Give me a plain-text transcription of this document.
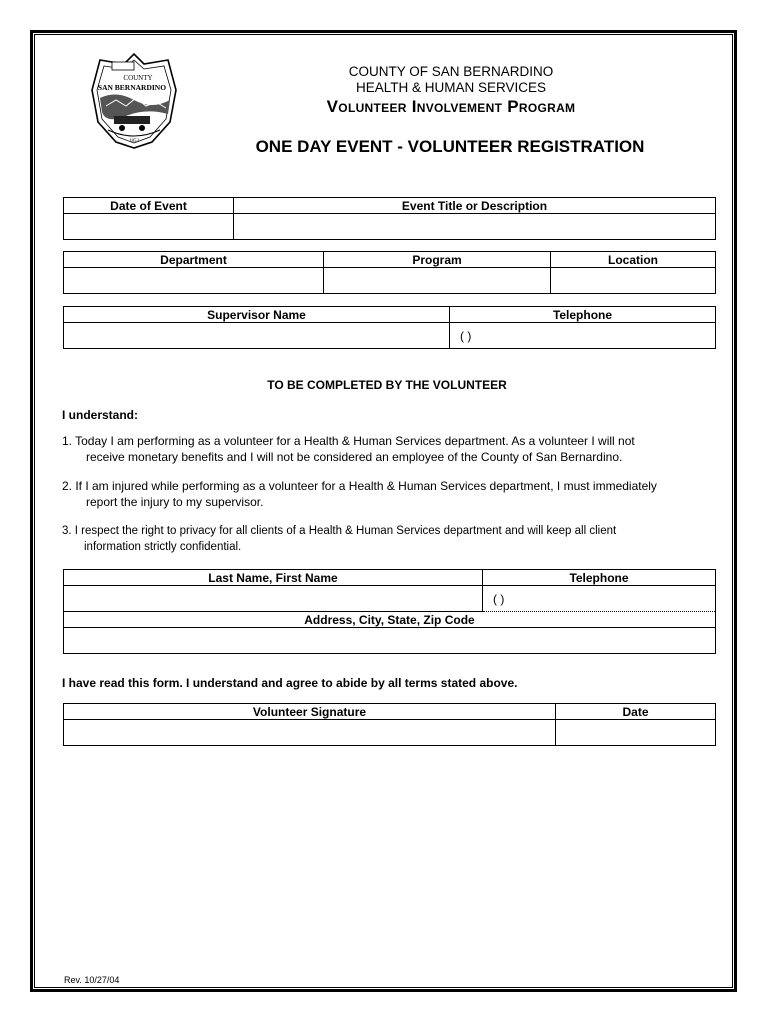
COUNTY
SAN BERNARDINO
1853
COUNTY OF SAN BERNARDINO
HEALTH & HUMAN SERVICES
Volunteer Involvement Program
ONE DAY EVENT - VOLUNTEER REGISTRATION
Date of Event	Event Title or Description

Department	Program	Location

Supervisor Name	Telephone
	( )
TO BE COMPLETED BY THE VOLUNTEER
I understand:
1. Today I am performing as a volunteer for a Health & Human Services department. As a volunteer I will not
receive monetary benefits and I will not be considered an employee of the County of San Bernardino.
2. If I am injured while performing as a volunteer for a Health & Human Services department, I must immediately
report the injury to my supervisor.
3. I respect the right to privacy for all clients of a Health & Human Services department and will keep all client
information strictly confidential.
Last Name, First Name	Telephone
	( )
Address, City, State, Zip Code	

I have read this form. I understand and agree to abide by all terms stated above.
Volunteer Signature	Date

Rev. 10/27/04
